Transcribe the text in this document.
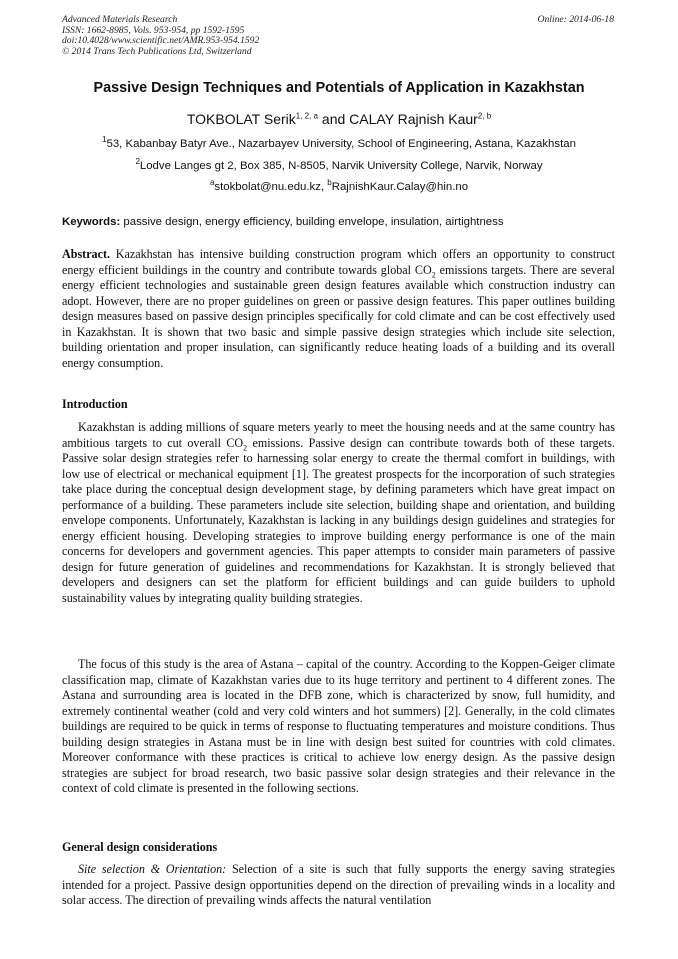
Advanced Materials Research
ISSN: 1662-8985, Vols. 953-954, pp 1592-1595
doi:10.4028/www.scientific.net/AMR.953-954.1592
© 2014 Trans Tech Publications Ltd, Switzerland
Online: 2014-06-18
Passive Design Techniques and Potentials of Application in Kazakhstan
TOKBOLAT Serik$^{1, 2, a}$ and CALAY Rajnish Kaur$^{2, b}$
$^1$53, Kabanbay Batyr Ave., Nazarbayev University, School of Engineering, Astana, Kazakhstan
$^2$Lodve Langes gt 2, Box 385, N-8505, Narvik University College, Narvik, Norway
$^a$stokbolat@nu.edu.kz, $^b$RajnishKaur.Calay@hin.no
Keywords: passive design, energy efficiency, building envelope, insulation, airtightness

Abstract. Kazakhstan has intensive building construction program which offers an opportunity to construct energy efficient buildings in the country and contribute towards global $CO_2$ emissions targets. There are several energy efficient technologies and sustainable green design features available which construction industry can adopt. However, there are no proper guidelines on green or passive design features. This paper outlines building design measures based on passive design principles specifically for cold climate and can be cost effectively used in Kazakhstan. It is shown that two basic and simple passive design strategies which include site selection, building orientation and proper insulation, can significantly reduce heating loads of a building and its overall energy consumption.

Introduction

Kazakhstan is adding millions of square meters yearly to meet the housing needs and at the same country has ambitious targets to cut overall $CO_2$ emissions. Passive design can contribute towards both of these targets. Passive solar design strategies refer to harnessing solar energy to create the thermal comfort in buildings, with low use of electrical or mechanical equipment [1]. The greatest prospects for the incorporation of such strategies take place during the conceptual design development stage, by defining parameters which have great impact on performance of a building. These parameters include site selection, building shape and orientation, and building envelope components. Unfortunately, Kazakhstan is lacking in any buildings design guidelines and strategies for energy efficient housing. Developing strategies to improve building energy performance is one of the main concerns for developers and government agencies. This paper attempts to consider main parameters of passive design for future generation of guidelines and recommendations for Kazakhstan. It is strongly believed that developers and designers can set the platform for efficient buildings and can guide builders to uphold sustainability values by integrating quality building strategies.

The focus of this study is the area of Astana – capital of the country. According to the Koppen-Geiger climate classification map, climate of Kazakhstan varies due to its huge territory and pertinent to 4 different zones. The Astana and surrounding area is located in the DFB zone, which is characterized by snow, full humidity, and extremely continental weather (cold and very cold winters and hot summers) [2]. Generally, in the cold climates buildings are required to be quick in terms of response to fluctuating temperatures and moisture conditions. Thus building design strategies in Astana must be in line with design best suited for countries with cold climates. Moreover conformance with these practices is critical to achieve low energy design. As the passive design strategies are subject for broad research, two basic passive solar design strategies and their relevance in the context of cold climate is presented in the following sections.

General design considerations

Site selection & Orientation: Selection of a site is such that fully supports the energy saving strategies intended for a project. Passive design opportunities depend on the direction of prevailing winds in a locality and solar access. The direction of prevailing winds affects the natural ventilation
